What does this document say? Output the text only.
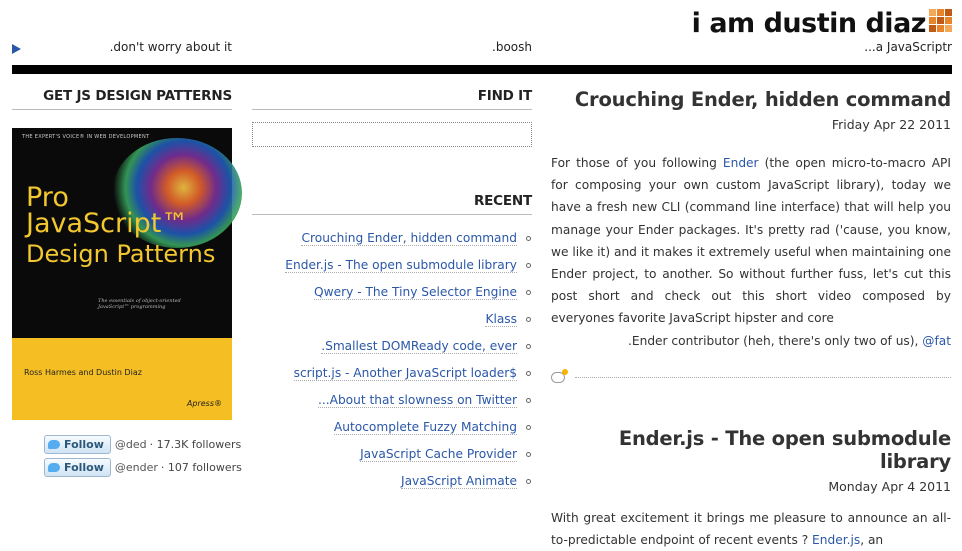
i am dustin diaz
.don't worry about it	.boosh	...a JavaScriptr
GET JS DESIGN PATTERNS
THE EXPERT'S VOICE® IN WEB DEVELOPMENT
Pro
JavaScript™
Design Patterns
The essentials of object-oriented JavaScript™ programming
Ross Harmes and Dustin Diaz
Apress®
Follow @ded · 17.3K followers
Follow @ender · 107 followers
FIND IT
RECENT
Crouching Ender, hidden command
Ender.js - The open submodule library
Qwery - The Tiny Selector Engine
Klass
.Smallest DOMReady code, ever
script.js - Another JavaScript loader$
...About that slowness on Twitter
Autocomplete Fuzzy Matching
JavaScript Cache Provider
JavaScript Animate
Crouching Ender, hidden command
Friday Apr 22 2011
For those of you following Ender (the open micro-to-macro API for composing your own custom JavaScript library), today we have a fresh new CLI (command line interface) that will help you manage your Ender packages. It's pretty rad ('cause, you know, we like it) and it makes it extremely useful when maintaining one Ender project, to another. So without further fuss, let's cut this post short and check out this short video composed by everyones favorite JavaScript hipster and core
.Ender contributor (heh, there's only two of us), @fat
Ender.js - The open submodule library
Monday Apr 4 2011
With great excitement it brings me pleasure to announce an all-to-predictable endpoint of recent events ? Ender.js, an
